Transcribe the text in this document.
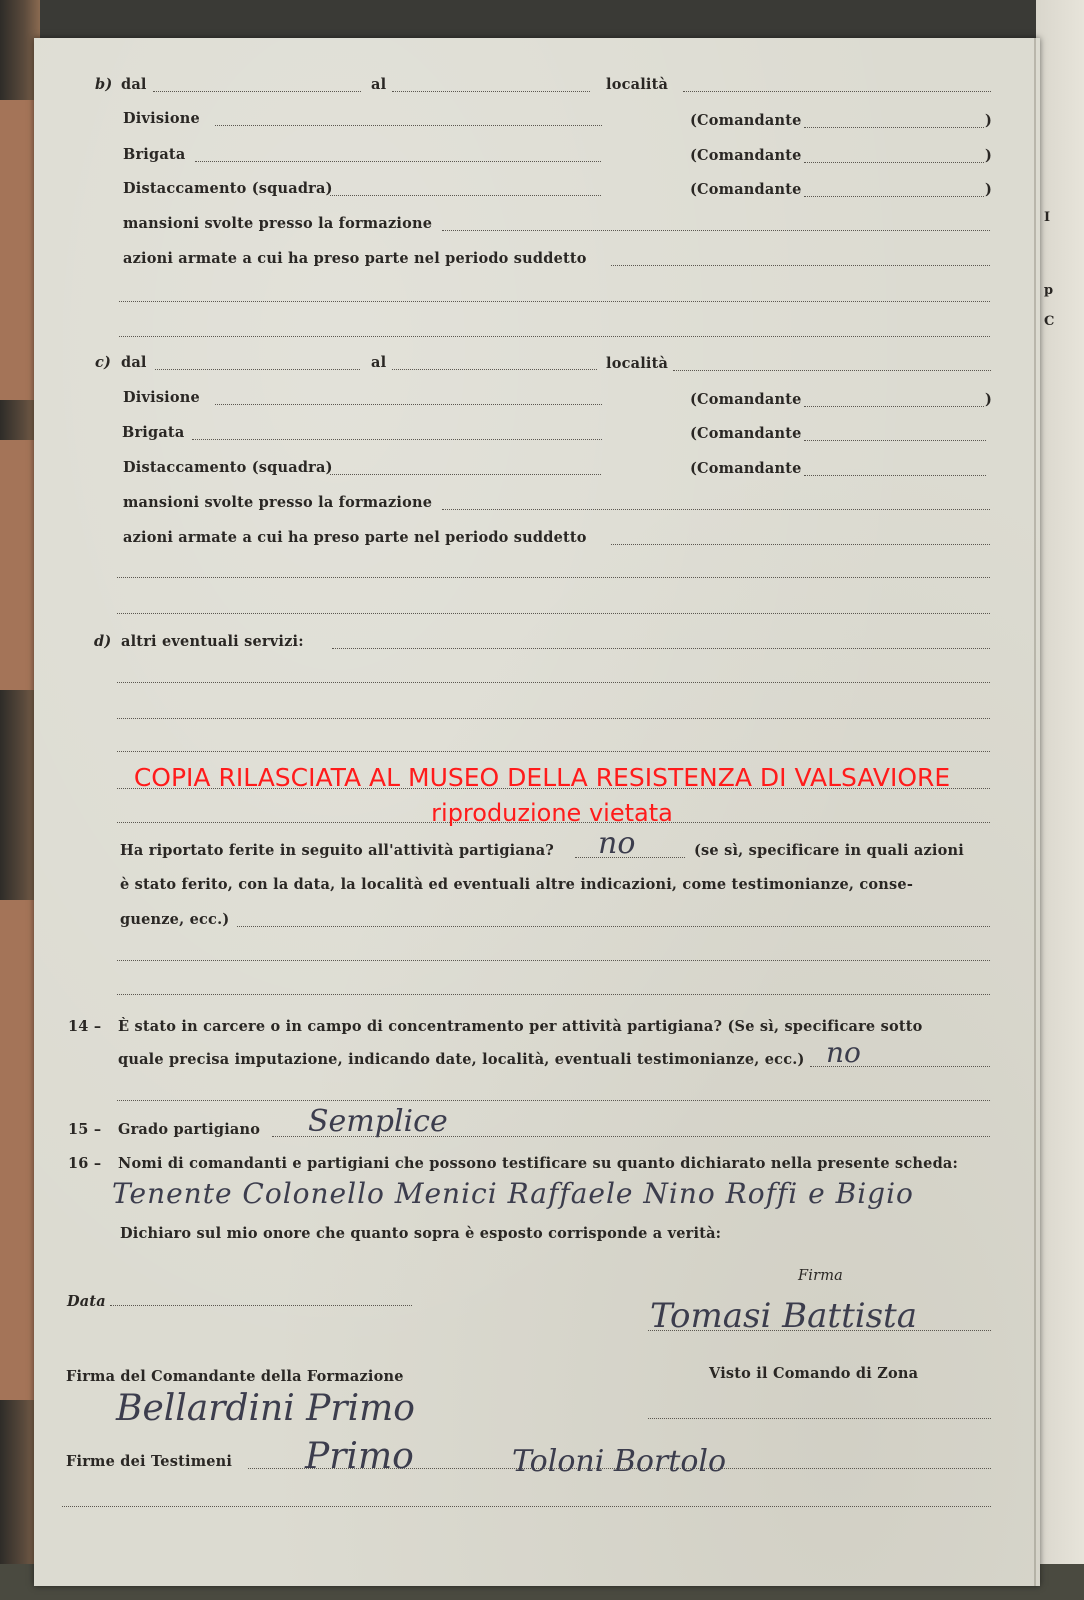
I
p
C
b) dal	al	località
Divisione	(Comandante	)
Brigata	(Comandante	)
Distaccamento (squadra)	(Comandante	)
mansioni svolte presso la formazione
azioni armate a cui ha preso parte nel periodo suddetto
c) dal	al	località
Divisione	(Comandante	)
Brigata	(Comandante
Distaccamento (squadra)	(Comandante
mansioni svolte presso la formazione
azioni armate a cui ha preso parte nel periodo suddetto
d) altri eventuali servizi:
COPIA RILASCIATA AL MUSEO DELLA RESISTENZA DI VALSAVIORE
riproduzione vietata
Ha riportato ferite in seguito all'attività partigiana? no	(se sì, specificare in quali azioni
è stato ferito, con la data, la località ed eventuali altre indicazioni, come testimonianze, conse-
guenze, ecc.)
14 – È stato in carcere o in campo di concentramento per attività partigiana? (Se sì, specificare sotto
quale precisa imputazione, indicando date, località, eventuali testimonianze, ecc.) no
15 – Grado partigiano Semplice
16 – Nomi di comandanti e partigiani che possono testificare su quanto dichiarato nella presente scheda:
Tenente Colonello Menici Raffaele Nino Roffi e Bigio
Dichiaro sul mio onore che quanto sopra è esposto corrisponde a verità:
Firma
Data	Tomasi Battista
Firma del Comandante della Formazione	Visto il Comando di Zona
Bellardini Primo
Firme dei Testimeni Primo	Toloni Bortolo
